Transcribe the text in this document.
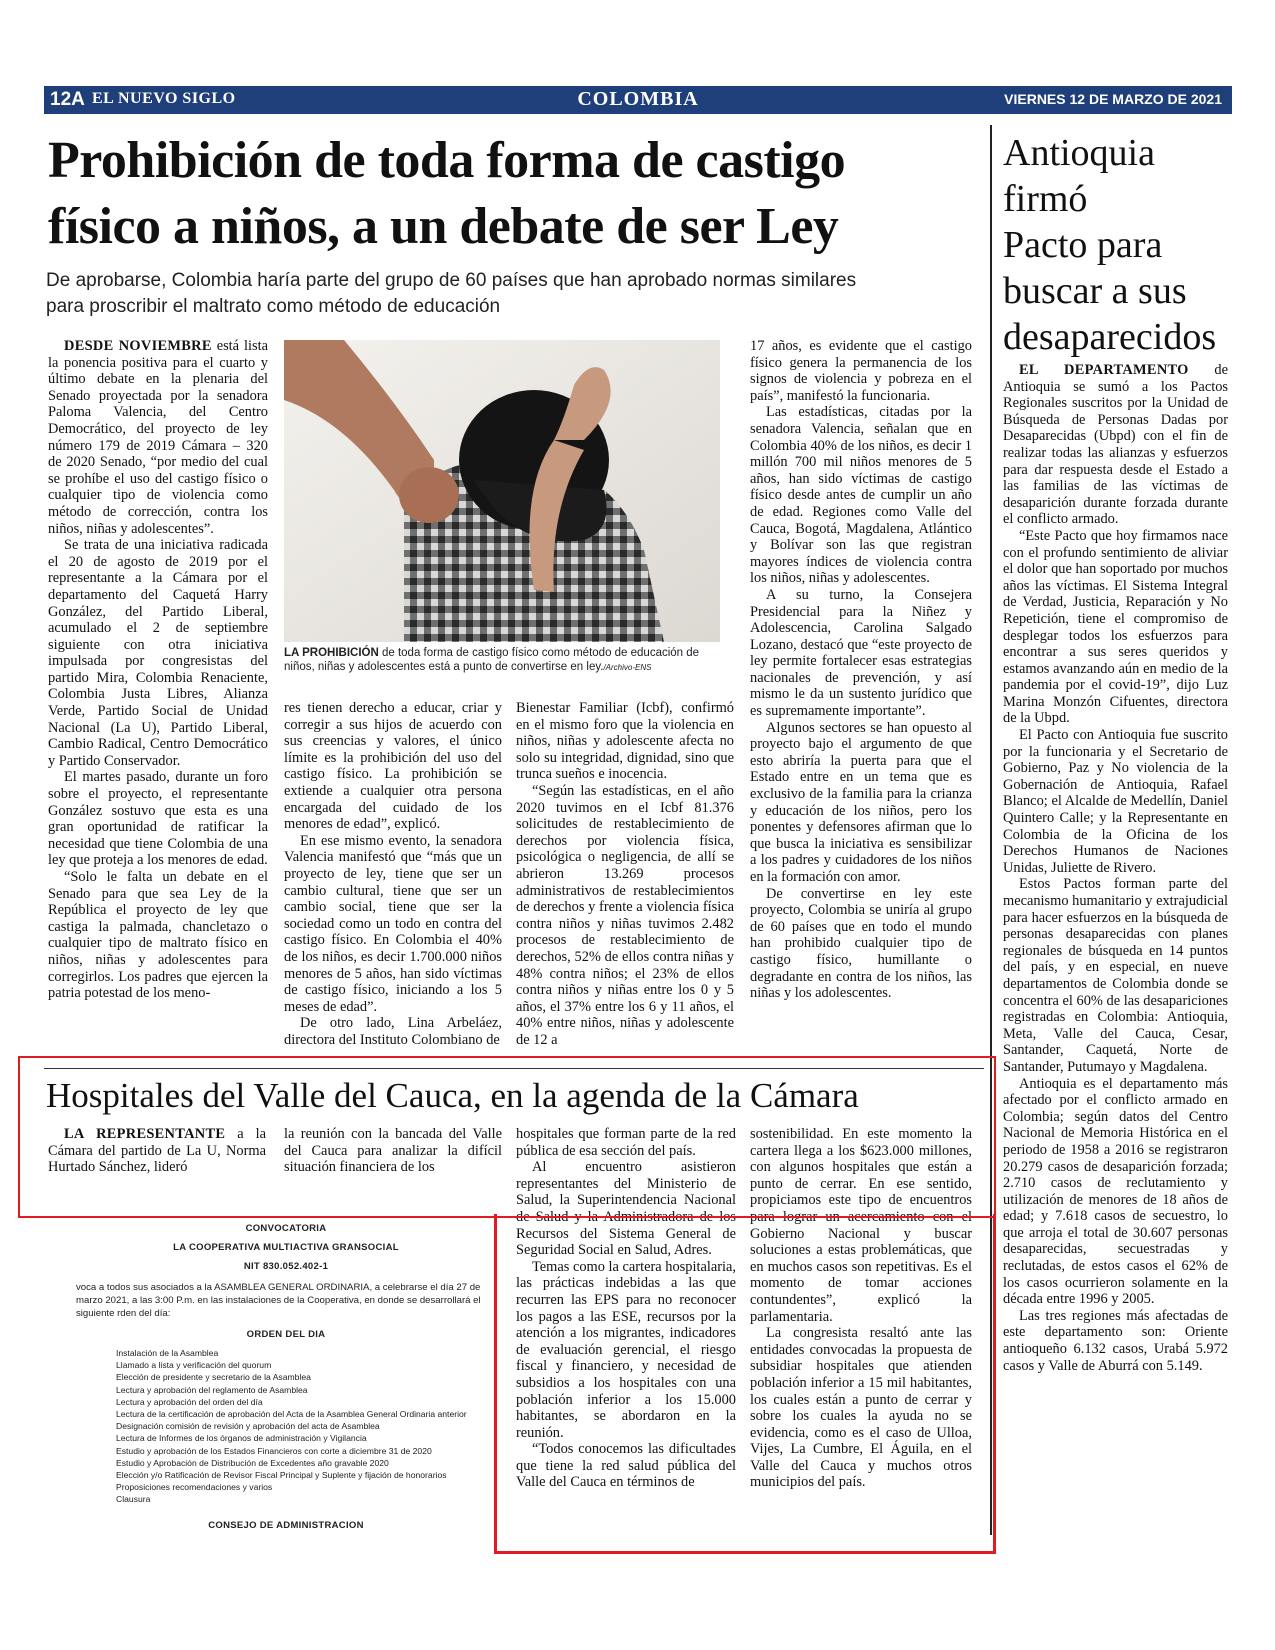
12A EL NUEVO SIGLO	COLOMBIA	VIERNES 12 DE MARZO DE 2021
Prohibición de toda forma de castigo
físico a niños, a un debate de ser Ley
De aprobarse, Colombia haría parte del grupo de 60 países que han aprobado normas similares
para proscribir el maltrato como método de educación

DESDE NOVIEMBRE está lista la ponencia positiva para el cuarto y último debate en la plenaria del Senado proyectada por la senadora Paloma Valencia, del Centro Democrático, del proyecto de ley número 179 de 2019 Cámara – 320 de 2020 Senado, “por medio del cual se prohíbe el uso del castigo físico o cualquier tipo de violencia como método de corrección, contra los niños, niñas y adolescentes”.

Se trata de una iniciativa radicada el 20 de agosto de 2019 por el representante a la Cámara por el departamento del Caquetá Harry González, del Partido Liberal, acumulado el 2 de septiembre siguiente con otra iniciativa impulsada por congresistas del partido Mira, Colombia Renaciente, Colombia Justa Libres, Alianza Verde, Partido Social de Unidad Nacional (La U), Partido Liberal, Cambio Radical, Centro Democrático y Partido Conservador.

El martes pasado, durante un foro sobre el proyecto, el representante González sostuvo que esta es una gran oportunidad de ratificar la necesidad que tiene Colombia de una ley que proteja a los menores de edad.

“Solo le falta un debate en el Senado para que sea Ley de la República el proyecto de ley que castiga la palmada, chancletazo o cualquier tipo de maltrato físico en niños, niñas y adolescentes para corregirlos. Los padres que ejercen la patria potestad de los meno-

LA PROHIBICIÓN de toda forma de castigo físico como método de educación de niños, niñas y adolescentes está a punto de convertirse en ley./Archivo-ENS

res tienen derecho a educar, criar y corregir a sus hijos de acuerdo con sus creencias y valores, el único límite es la prohibición del uso del castigo físico. La prohibición se extiende a cualquier otra persona encargada del cuidado de los menores de edad”, explicó.

En ese mismo evento, la senadora Valencia manifestó que “más que un proyecto de ley, tiene que ser un cambio cultural, tiene que ser un cambio social, tiene que ser la sociedad como un todo en contra del castigo físico. En Colombia el 40% de los niños, es decir 1.700.000 niños menores de 5 años, han sido víctimas de castigo físico, iniciando a los 5 meses de edad”.

De otro lado, Lina Arbeláez, directora del Instituto Colombiano de

Bienestar Familiar (Icbf), confirmó en el mismo foro que la violencia en niños, niñas y adolescente afecta no solo su integridad, dignidad, sino que trunca sueños e inocencia.

“Según las estadísticas, en el año 2020 tuvimos en el Icbf 81.376 solicitudes de restablecimiento de derechos por violencia física, psicológica o negligencia, de allí se abrieron 13.269 procesos administrativos de restablecimientos de derechos y frente a violencia física contra niños y niñas tuvimos 2.482 procesos de restablecimiento de derechos, 52% de ellos contra niñas y 48% contra niños; el 23% de ellos contra niños y niñas entre los 0 y 5 años, el 37% entre los 6 y 11 años, el 40% entre niños, niñas y adolescente de 12 a

17 años, es evidente que el castigo físico genera la permanencia de los signos de violencia y pobreza en el país”, manifestó la funcionaria.

Las estadísticas, citadas por la senadora Valencia, señalan que en Colombia 40% de los niños, es decir 1 millón 700 mil niños menores de 5 años, han sido víctimas de castigo físico desde antes de cumplir un año de edad. Regiones como Valle del Cauca, Bogotá, Magdalena, Atlántico y Bolívar son las que registran mayores índices de violencia contra los niños, niñas y adolescentes.

A su turno, la Consejera Presidencial para la Niñez y Adolescencia, Carolina Salgado Lozano, destacó que “este proyecto de ley permite fortalecer esas estrategias nacionales de prevención, y así mismo le da un sustento jurídico que es supremamente importante”.

Algunos sectores se han opuesto al proyecto bajo el argumento de que esto abriría la puerta para que el Estado entre en un tema que es exclusivo de la familia para la crianza y educación de los niños, pero los ponentes y defensores afirman que lo que busca la iniciativa es sensibilizar a los padres y cuidadores de los niños en la formación con amor.

De convertirse en ley este proyecto, Colombia se uniría al grupo de 60 países que en todo el mundo han prohibido cualquier tipo de castigo físico, humillante o degradante en contra de los niños, las niñas y los adolescentes.

Antioquia
firmó
Pacto para
buscar a sus
desaparecidos

EL DEPARTAMENTO de Antioquia se sumó a los Pactos Regionales suscritos por la Unidad de Búsqueda de Personas Dadas por Desaparecidas (Ubpd) con el fin de realizar todas las alianzas y esfuerzos para dar respuesta desde el Estado a las familias de las víctimas de desaparición durante forzada durante el conflicto armado.

“Este Pacto que hoy firmamos nace con el profundo sentimiento de aliviar el dolor que han soportado por muchos años las víctimas. El Sistema Integral de Verdad, Justicia, Reparación y No Repetición, tiene el compromiso de desplegar todos los esfuerzos para encontrar a sus seres queridos y estamos avanzando aún en medio de la pandemia por el covid-19”, dijo Luz Marina Monzón Cifuentes, directora de la Ubpd.

El Pacto con Antioquia fue suscrito por la funcionaria y el Secretario de Gobierno, Paz y No violencia de la Gobernación de Antioquia, Rafael Blanco; el Alcalde de Medellín, Daniel Quintero Calle; y la Representante en Colombia de la Oficina de los Derechos Humanos de Naciones Unidas, Juliette de Rivero.

Estos Pactos forman parte del mecanismo humanitario y extrajudicial para hacer esfuerzos en la búsqueda de personas desaparecidas con planes regionales de búsqueda en 14 puntos del país, y en especial, en nueve departamentos de Colombia donde se concentra el 60% de las desapariciones registradas en Colombia: Antioquia, Meta, Valle del Cauca, Cesar, Santander, Caquetá, Norte de Santander, Putumayo y Magdalena.

Antioquia es el departamento más afectado por el conflicto armado en Colombia; según datos del Centro Nacional de Memoria Histórica en el periodo de 1958 a 2016 se registraron 20.279 casos de desaparición forzada; 2.710 casos de reclutamiento y utilización de menores de 18 años de edad; y 7.618 casos de secuestro, lo que arroja el total de 30.607 personas desaparecidas, secuestradas y reclutadas, de estos casos el 62% de los casos ocurrieron solamente en la década entre 1996 y 2005.

Las tres regiones más afectadas de este departamento son: Oriente antioqueño 6.132 casos, Urabá 5.972 casos y Valle de Aburrá con 5.149.

Hospitales del Valle del Cauca, en la agenda de la Cámara

LA REPRESENTANTE a la Cámara del partido de La U, Norma Hurtado Sánchez, lideró

la reunión con la bancada del Valle del Cauca para analizar la difícil situación financiera de los

hospitales que forman parte de la red pública de esa sección del país.

Al encuentro asistieron representantes del Ministerio de Salud, la Superintendencia Nacional de Salud y la Administradora de los Recursos del Sistema General de Seguridad Social en Salud, Adres.

Temas como la cartera hospitalaria, las prácticas indebidas a las que recurren las EPS para no reconocer los pagos a las ESE, recursos por la atención a los migrantes, indicadores de evaluación gerencial, el riesgo fiscal y financiero, y necesidad de subsidios a los hospitales con una población inferior a los 15.000 habitantes, se abordaron en la reunión.

“Todos conocemos las dificultades que tiene la red salud pública del Valle del Cauca en términos de

sostenibilidad. En este momento la cartera llega a los $623.000 millones, con algunos hospitales que están a punto de cerrar. En ese sentido, propiciamos este tipo de encuentros para lograr un acercamiento con el Gobierno Nacional y buscar soluciones a estas problemáticas, que en muchos casos son repetitivas. Es el momento de tomar acciones contundentes”, explicó la parlamentaria.

La congresista resaltó ante las entidades convocadas la propuesta de subsidiar hospitales que atienden población inferior a 15 mil habitantes, los cuales están a punto de cerrar y sobre los cuales la ayuda no se evidencia, como es el caso de Ulloa, Vijes, La Cumbre, El Águila, en el Valle del Cauca y muchos otros municipios del país.

CONVOCATORIA
LA COOPERATIVA MULTIACTIVA GRANSOCIAL
NIT 830.052.402-1
voca a todos sus asociados a la ASAMBLEA GENERAL ORDINARIA, a celebrarse el día 27 de marzo 2021, a las 3:00 P.m. en las instalaciones de la Cooperativa, en donde se desarrollará el siguiente rden del día:
ORDEN DEL DIA
Instalación de la Asamblea
Llamado a lista y verificación del quorum
Elección de presidente y secretario de la Asamblea
Lectura y aprobación del reglamento de Asamblea
Lectura y aprobación del orden del día
Lectura de la certificación de aprobación del Acta de la Asamblea General Ordinaria anterior
Designación comisión de revisión y aprobación del acta de Asamblea
Lectura de Informes de los órganos de administración y Vigilancia
Estudio y aprobación de los Estados Financieros con corte a diciembre 31 de 2020
Estudio y Aprobación de Distribución de Excedentes año gravable 2020
Elección y/o Ratificación de Revisor Fiscal Principal y Suplente y fijación de honorarios
Proposiciones recomendaciones y varios
Clausura
CONSEJO DE ADMINISTRACION
